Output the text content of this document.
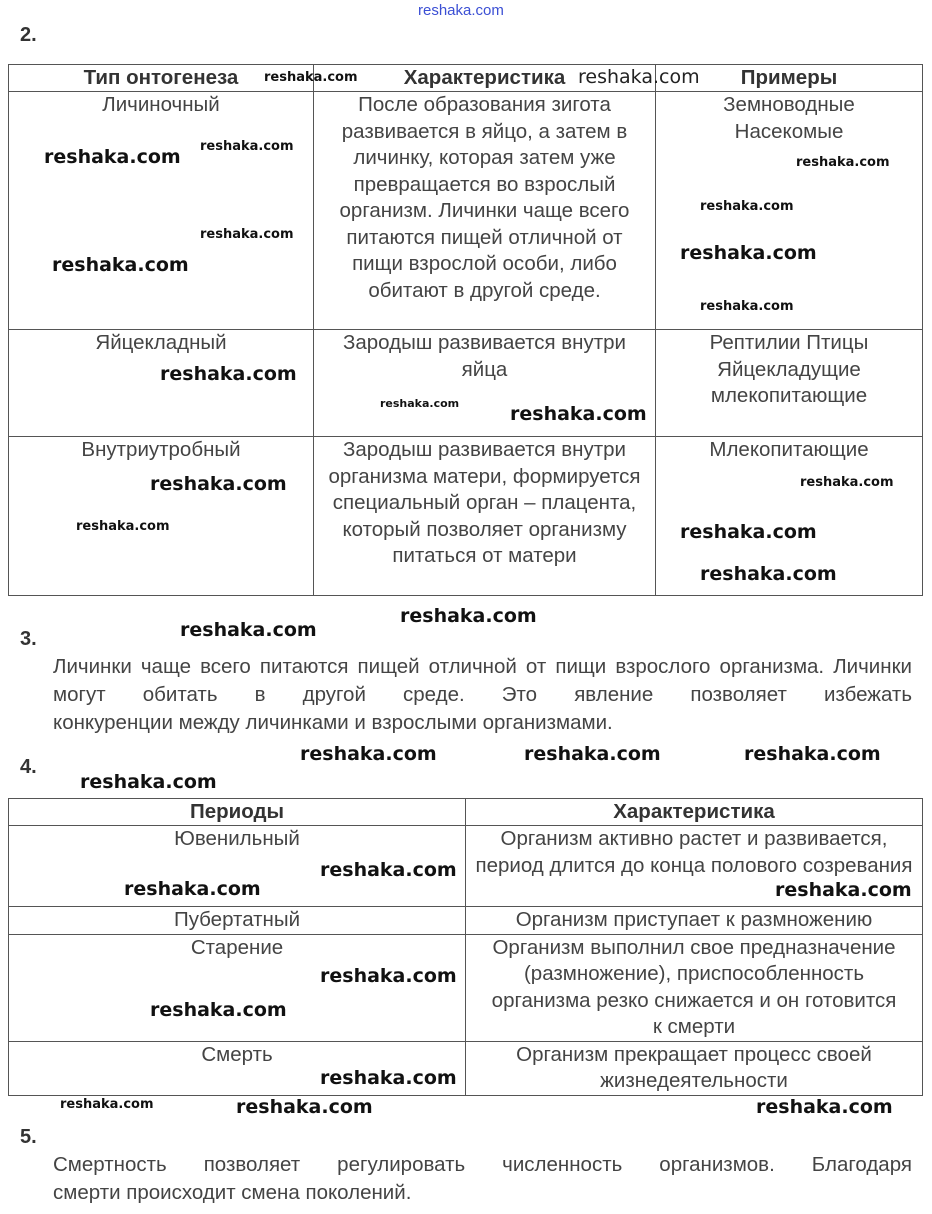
2.
Тип онтогенеза	Характеристика	Примеры
Личиночный	После образования зигота развивается в яйцо, а затем в личинку, которая затем уже превращается во взрослый организм. Личинки чаще всего питаются пищей отличной от пищи взрослой особи, либо обитают в другой среде.	Земноводные Насекомые
Яйцекладный	Зародыш развивается внутри яйца	Рептилии Птицы Яйцекладущие млекопитающие
Внутриутробный	Зародыш развивается внутри организма матери, формируется специальный орган – плацента, который позволяет организму питаться от матери	Млекопитающие
3.
Личинки чаще всего питаются пищей отличной от пищи взрослого организма. Личинки могут обитать в другой среде. Это явление позволяет избежать
конкуренции между личинками и взрослыми организмами.
4.
Периоды	Характеристика
Ювенильный	Организм активно растет и развивается, период длится до конца полового созревания
Пубертатный	Организм приступает к размножению
Старение	Организм выполнил свое предназначение (размножение), приспособленность организма резко снижается и он готовится к смерти
Смерть	Организм прекращает процесс своей жизнедеятельности
5.
Смертность позволяет регулировать численность организмов. Благодаря
смерти происходит смена поколений.
reshaka.com
reshaka.com	reshaka.com
reshaka.com reshaka.com
reshaka.com
reshaka.com
reshaka.com
reshaka.com
reshaka.com
reshaka.com
reshaka.com
reshaka.com	reshaka.com
reshaka.com
reshaka.com
reshaka.com
reshaka.com
reshaka.com
reshaka.com
reshaka.com
reshaka.com
reshaka.com	reshaka.com
reshaka.com
reshaka.com
reshaka.com
reshaka.com
reshaka.com
reshaka.com
reshaka.com
reshaka.com	reshaka.com	reshaka.com
